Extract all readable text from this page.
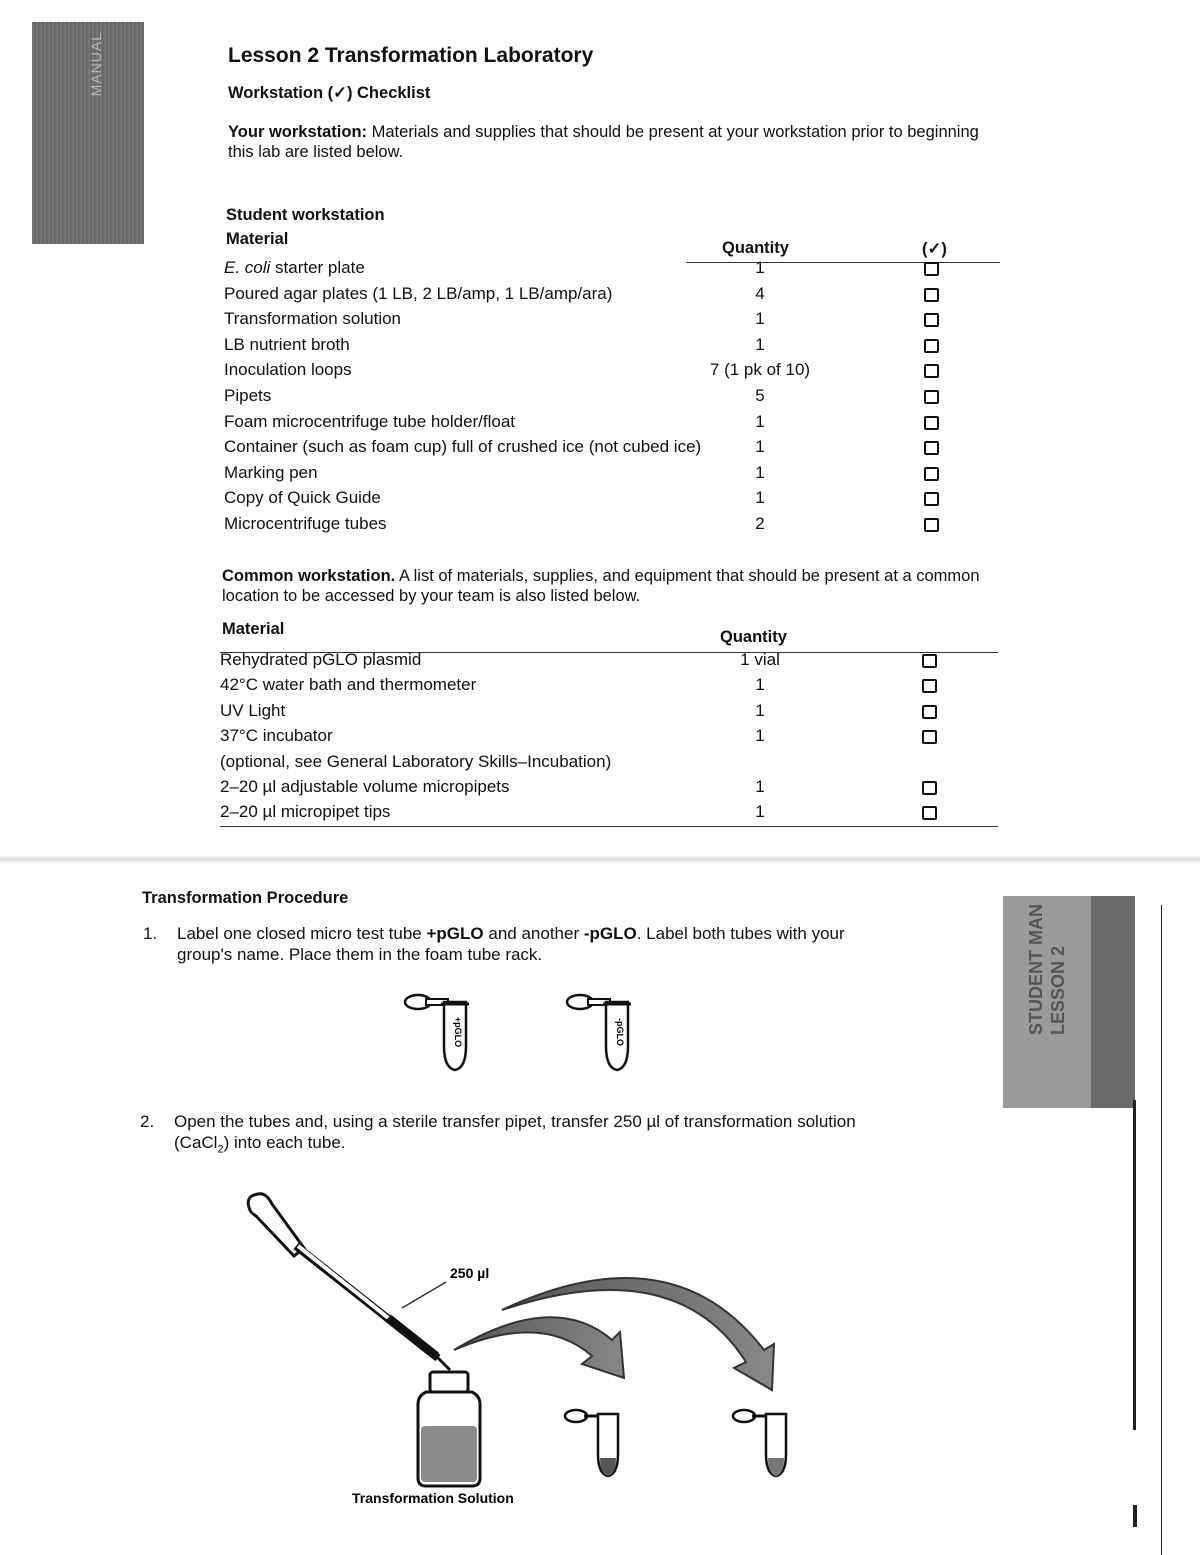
MANUAL	Lesson 2 Transformation Laboratory
Workstation (✓) Checklist
Your workstation: Materials and supplies that should be present at your workstation prior to beginning this lab are listed below.
Student workstation
Material	Quantity	(✓)
E. coli starter plate	1
Poured agar plates (1 LB, 2 LB/amp, 1 LB/amp/ara)	4
Transformation solution	1
LB nutrient broth	1
Inoculation loops	7 (1 pk of 10)
Pipets	5
Foam microcentrifuge tube holder/float	1
Container (such as foam cup) full of crushed ice (not cubed ice)	1
Marking pen	1
Copy of Quick Guide	1
Microcentrifuge tubes	2
Common workstation. A list of materials, supplies, and equipment that should be present at a common location to be accessed by your team is also listed below.
Material	Quantity
Rehydrated pGLO plasmid	1 vial
42°C water bath and thermometer	1
UV Light	1
37°C incubator	1
(optional, see General Laboratory Skills–Incubation)
2–20 µl adjustable volume micropipets	1
2–20 µl micropipet tips	1
Transformation Procedure
1. Label one closed micro test tube +pGLO and another -pGLO. Label both tubes with your group's name. Place them in the foam tube rack.
+pGLO	-pGLO
2. Open the tubes and, using a sterile transfer pipet, transfer 250 µl of transformation solution (CaCl$_2$) into each tube.
250 µl
Transformation Solution
STUDENT MAN LESSON 2
